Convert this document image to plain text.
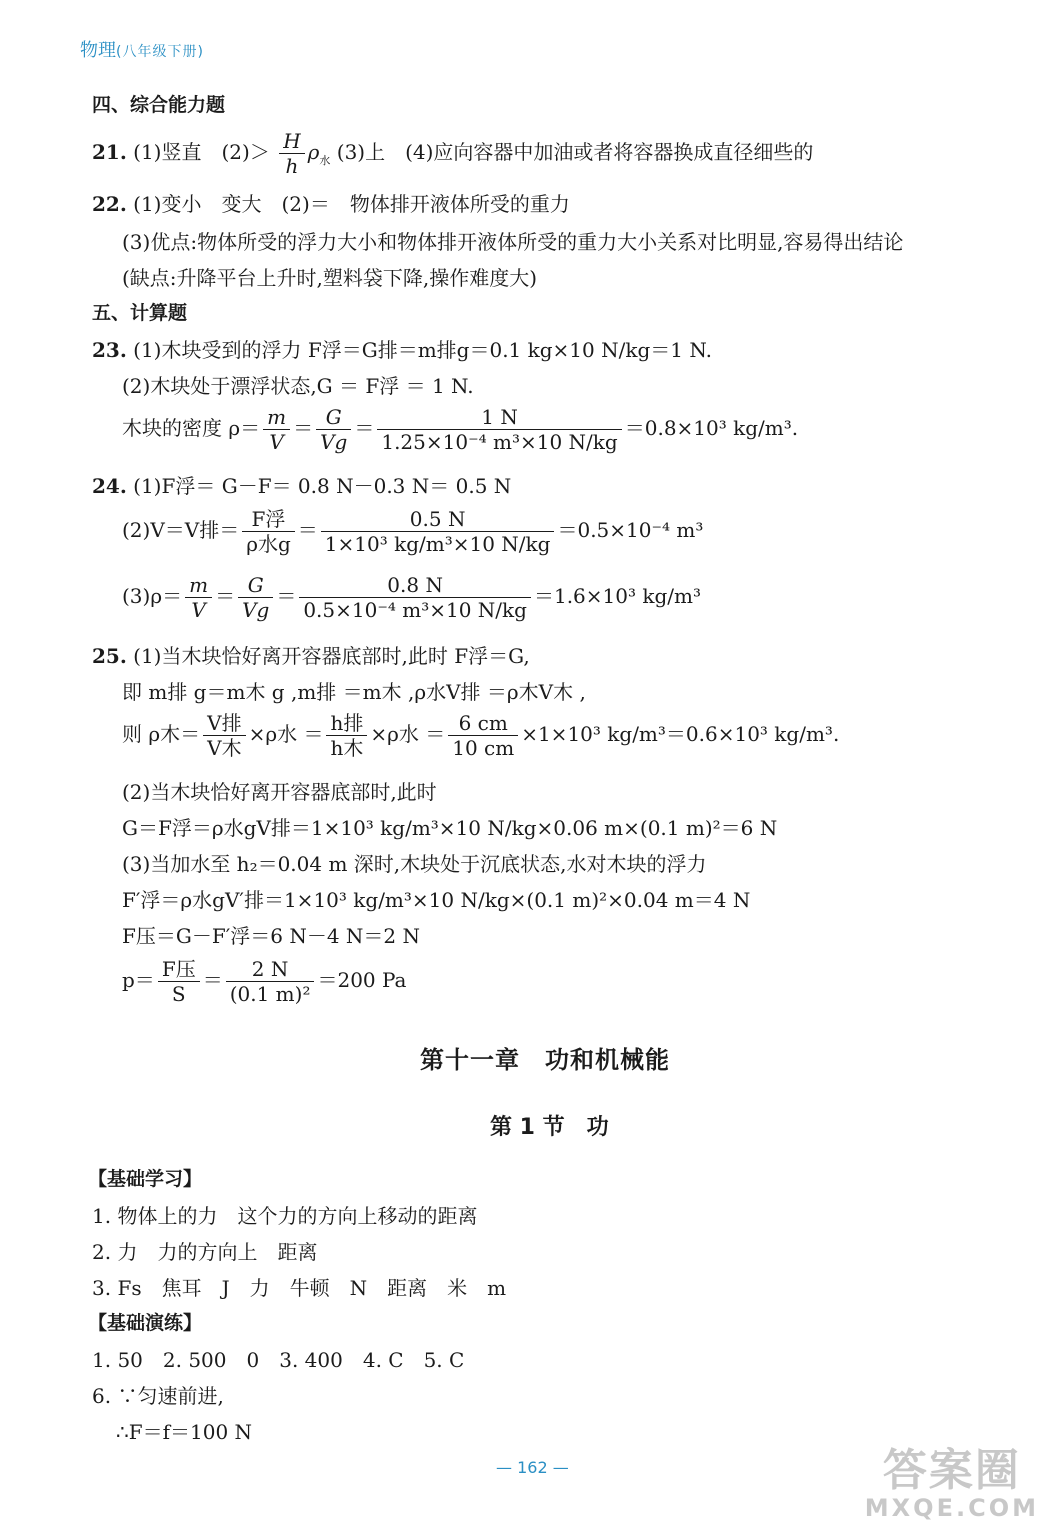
物理(八年级下册)
四、综合能力题
21. (1)竖直　$(2)> \frac{H}{h} \rho_水$ (3)上　(4)应向容器中加油或者将容器换成直径细些的
22. (1)变小　变大　(2)＝　物体排开液体所受的重力
(3)优点:物体所受的浮力大小和物体排开液体所受的重力大小关系对比明显,容易得出结论
(缺点:升降平台上升时,塑料袋下降,操作难度大)
五、计算题
23. (1)木块受到的浮力 F浮＝G排＝m排g＝0.1 kg×10 N/kg＝1 N.
(2)木块处于漂浮状态,G ＝ F浮 ＝ 1 N.
木块的密度 $\rho= \frac{m}{V} = \frac{G}{Vg} = \frac{1 N}{\text{1.25×10⁻⁴ m³×10 N/kg}} =0.8\times 10^3$ kg/m³.
24. (1)F浮＝ G－F＝ 0.8 N－0.3 N＝ 0.5 N
(2)V＝V排＝ $\frac{\text{F浮}}{\text{ρ水g}} = \frac{0.5 N}{\text{1×10³ kg/m³×10 N/kg}} =0.5\times 10^{-4}$ m³
$(3)\rho= \frac{m}{V} = \frac{G}{Vg} = \frac{0.8 N}{\text{0.5×10⁻⁴ m³×10 N/kg}} =1.6\times 10^3$ kg/m³
25. (1)当木块恰好离开容器底部时,此时 F浮＝G,
即 m排 g＝m木 g ,m排 ＝m木 ,ρ水V排 ＝ρ木V木 ,
则 ρ木＝ $\frac{\text{V排}}{\text{V木}} \times\rho$水 ＝ $\frac{\text{h排}}{\text{h木}} \times\rho$水 ＝ $\frac{6 cm}{10 cm} \times 1\times 10^3$ kg/m³＝0.6×10³ kg/m³.
(2)当木块恰好离开容器底部时,此时
G＝F浮＝ρ水gV排＝1×10³ kg/m³×10 N/kg×0.06 m×(0.1 m)²＝6 N
(3)当加水至 h₂＝0.04 m 深时,木块处于沉底状态,水对木块的浮力
F′浮＝ρ水gV′排＝1×10³ kg/m³×10 N/kg×(0.1 m)²×0.04 m＝4 N
F压＝G－F′浮＝6 N－4 N＝2 N
$p= \frac{\text{F压}}{S} = \frac{2 N}{\text{(0.1 m)²}} =200$ Pa
第十一章　功和机械能
第 1 节　功
【基础学习】
1. 物体上的力　这个力的方向上移动的距离
2. 力　力的方向上　距离
3. Fs　焦耳　J　力　牛顿　N　距离　米　m
【基础演练】
1. 50　2. 500　0　3. 400　4. C　5. C
6. ∵匀速前进,
∴F＝f＝100 N
— 162 —	答案圈
MXQE.COM
